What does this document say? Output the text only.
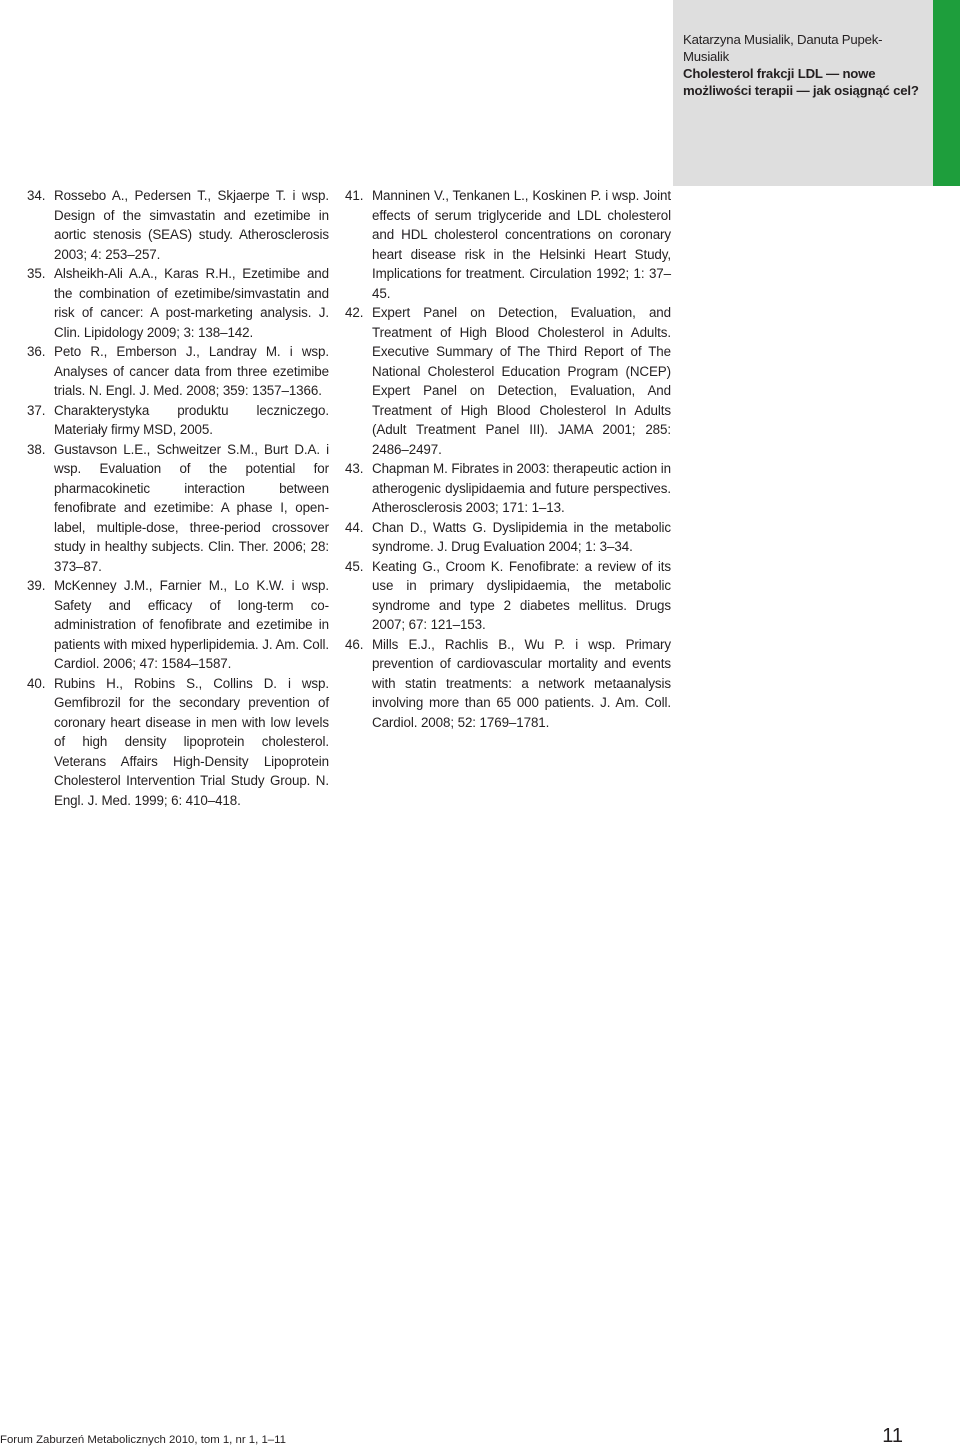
Katarzyna Musialik, Danuta Pupek-Musialik
Cholesterol frakcji LDL — nowe
możliwości terapii — jak osiągnąć cel?
34. Rossebo A., Pedersen T., Skjaerpe T. i wsp. Design of the simvastatin and ezetimibe in aortic stenosis (SEAS) study. Atherosclerosis 2003; 4: 253–257.
35. Alsheikh-Ali A.A., Karas R.H., Ezetimibe and the combination of ezetimibe/simvastatin and risk of cancer: A post-marketing analysis. J. Clin. Lipidology 2009; 3: 138–142.
36. Peto R., Emberson J., Landray M. i wsp. Analyses of cancer data from three ezetimibe trials. N. Engl. J. Med. 2008; 359: 1357–1366.
37. Charakterystyka produktu leczniczego. Materiały firmy MSD, 2005.
38. Gustavson L.E., Schweitzer S.M., Burt D.A. i wsp. Evaluation of the potential for pharmacokinetic interaction between fenofibrate and ezetimibe: A phase I, open-label, multiple-dose, three-period crossover study in healthy subjects. Clin. Ther. 2006; 28: 373–87.
39. McKenney J.M., Farnier M., Lo K.W. i wsp. Safety and efficacy of long-term co-administration of fenofibrate and ezetimibe in patients with mixed hyperlipidemia. J. Am. Coll. Cardiol. 2006; 47: 1584–1587.
40. Rubins H., Robins S., Collins D. i wsp. Gemfibrozil for the secondary prevention of coronary heart disease in men with low levels of high density lipoprotein cholesterol. Veterans Affairs High-Density Lipoprotein Cholesterol Intervention Trial Study Group. N. Engl. J. Med. 1999; 6: 410–418.
41. Manninen V., Tenkanen L., Koskinen P. i wsp. Joint effects of serum triglyceride and LDL cholesterol and HDL cholesterol concentrations on coronary heart disease risk in the Helsinki Heart Study, Implications for treatment. Circulation 1992; 1: 37–45.
42. Expert Panel on Detection, Evaluation, and Treatment of High Blood Cholesterol in Adults. Executive Summary of The Third Report of The National Cholesterol Education Program (NCEP) Expert Panel on Detection, Evaluation, And Treatment of High Blood Cholesterol In Adults (Adult Treatment Panel III). JAMA 2001; 285: 2486–2497.
43. Chapman M. Fibrates in 2003: therapeutic action in atherogenic dyslipidaemia and future perspectives. Atherosclerosis 2003; 171: 1–13.
44. Chan D., Watts G. Dyslipidemia in the metabolic syndrome. J. Drug Evaluation 2004; 1: 3–34.
45. Keating G., Croom K. Fenofibrate: a review of its use in primary dyslipidaemia, the metabolic syndrome and type 2 diabetes mellitus. Drugs 2007; 67: 121–153.
46. Mills E.J., Rachlis B., Wu P. i wsp. Primary prevention of cardiovascular mortality and events with statin treatments: a network metaanalysis involving more than 65 000 patients. J. Am. Coll. Cardiol. 2008; 52: 1769–1781.
Forum Zaburzeń Metabolicznych 2010, tom 1, nr 1, 1–11	11
